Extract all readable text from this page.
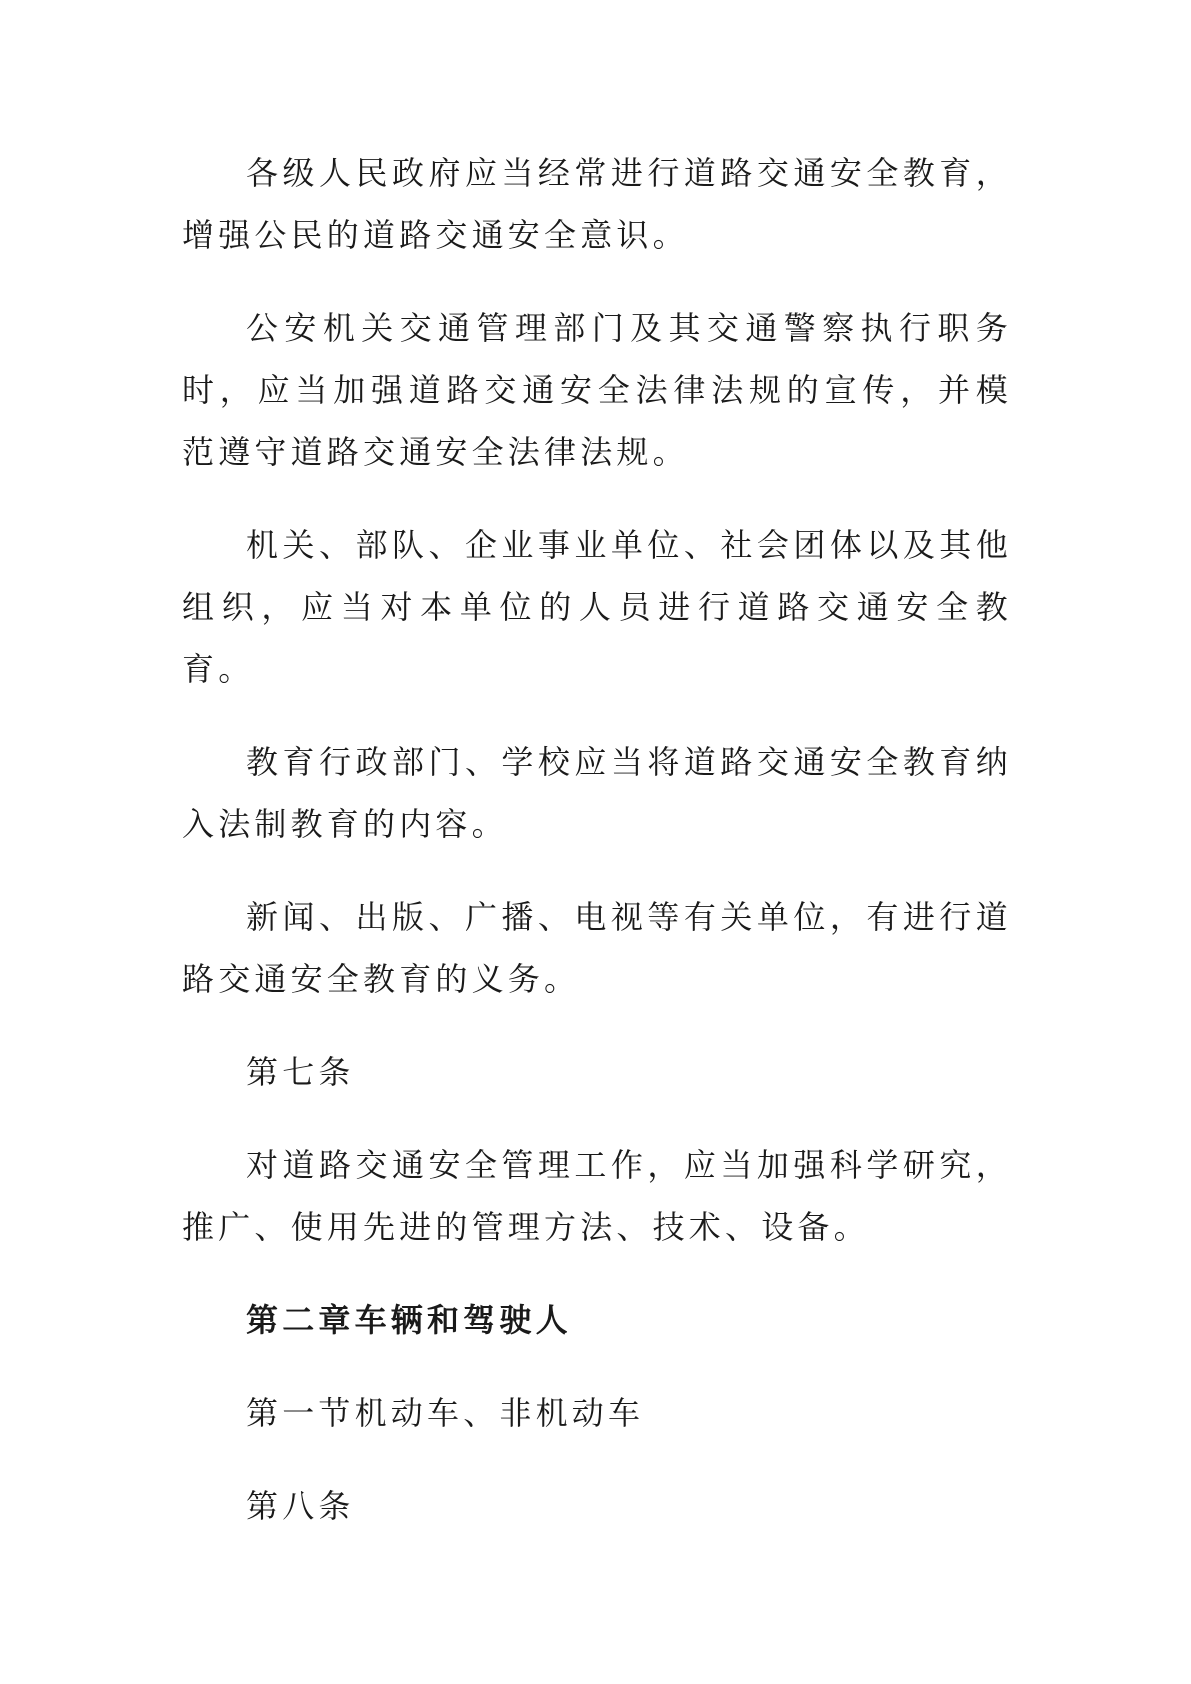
各级人民政府应当经常进行道路交通安全教育，增强公民的道路交通安全意识。

公安机关交通管理部门及其交通警察执行职务时，应当加强道路交通安全法律法规的宣传，并模范遵守道路交通安全法律法规。

机关、部队、企业事业单位、社会团体以及其他组织，应当对本单位的人员进行道路交通安全教育。

教育行政部门、学校应当将道路交通安全教育纳入法制教育的内容。

新闻、出版、广播、电视等有关单位，有进行道路交通安全教育的义务。

第七条

对道路交通安全管理工作，应当加强科学研究，推广、使用先进的管理方法、技术、设备。

第二章车辆和驾驶人

第一节机动车、非机动车

第八条
